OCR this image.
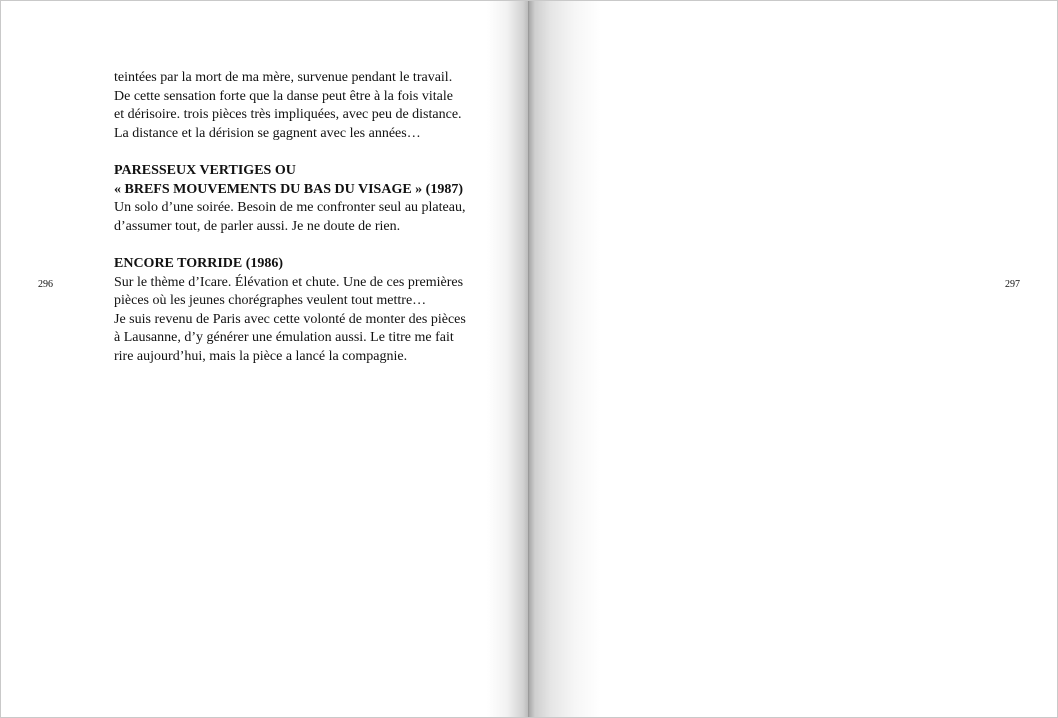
296
teintées par la mort de ma mère, survenue pendant le travail.
De cette sensation forte que la danse peut être à la fois vitale
et dérisoire. trois pièces très impliquées, avec peu de distance.
La distance et la dérision se gagnent avec les années…
PARESSEUX VERTIGES OU
« BREFS MOUVEMENTS DU BAS DU VISAGE » (1987)
Un solo d’une soirée. Besoin de me confronter seul au plateau,
d’assumer tout, de parler aussi. Je ne doute de rien.
ENCORE TORRIDE (1986)
Sur le thème d’Icare. Élévation et chute. Une de ces premières
pièces où les jeunes chorégraphes veulent tout mettre…
Je suis revenu de Paris avec cette volonté de monter des pièces
à Lausanne, d’y générer une émulation aussi. Le titre me fait
rire aujourd’hui, mais la pièce a lancé la compagnie.
297
